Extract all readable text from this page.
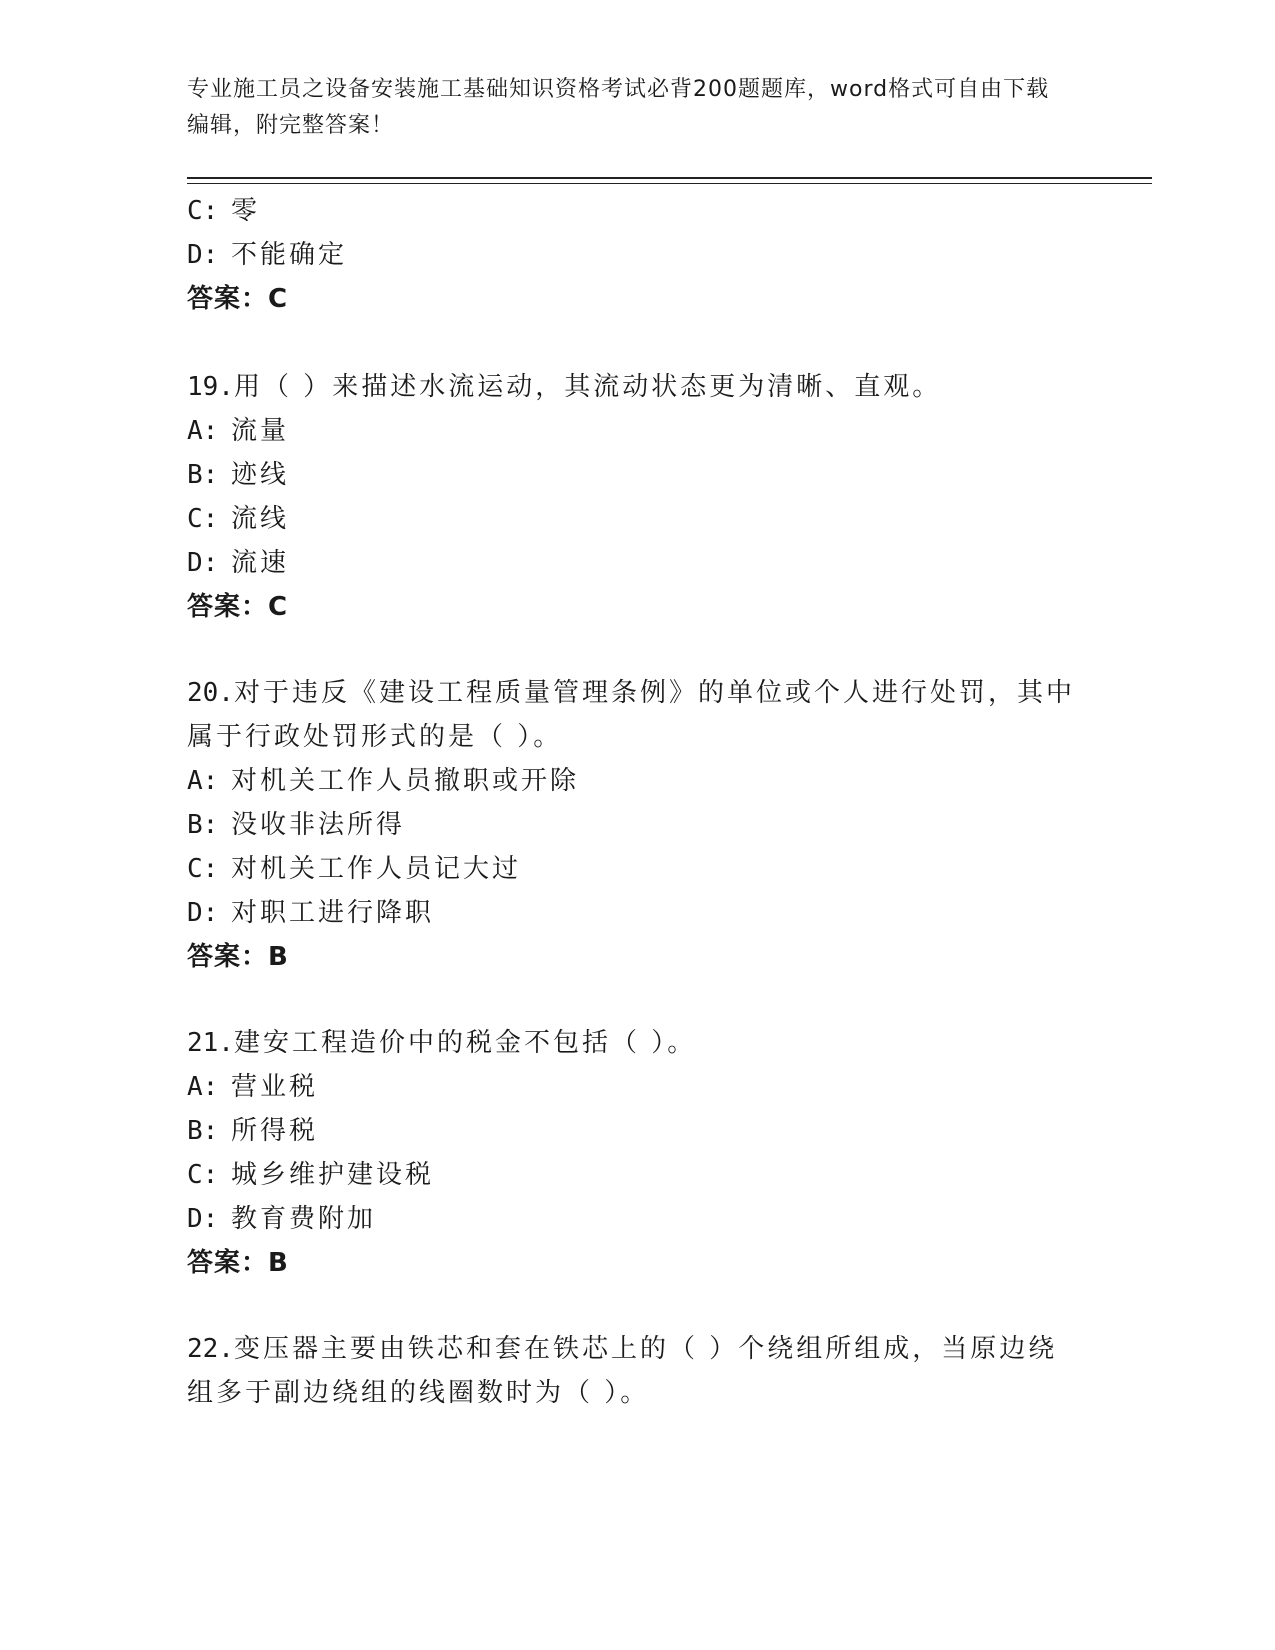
专业施工员之设备安装施工基础知识资格考试必背200题题库，word格式可自由下载编辑，附完整答案！
C: 零
D: 不能确定
答案：C
19.用（ ）来描述水流运动，其流动状态更为清晰、直观。
A: 流量
B: 迹线
C: 流线
D: 流速
答案：C
20.对于违反《建设工程质量管理条例》的单位或个人进行处罚，其中
属于行政处罚形式的是（ ）。
A: 对机关工作人员撤职或开除
B: 没收非法所得
C: 对机关工作人员记大过
D: 对职工进行降职
答案：B
21.建安工程造价中的税金不包括（ ）。
A: 营业税
B: 所得税
C: 城乡维护建设税
D: 教育费附加
答案：B
22.变压器主要由铁芯和套在铁芯上的（ ）个绕组所组成，当原边绕
组多于副边绕组的线圈数时为（ ）。
